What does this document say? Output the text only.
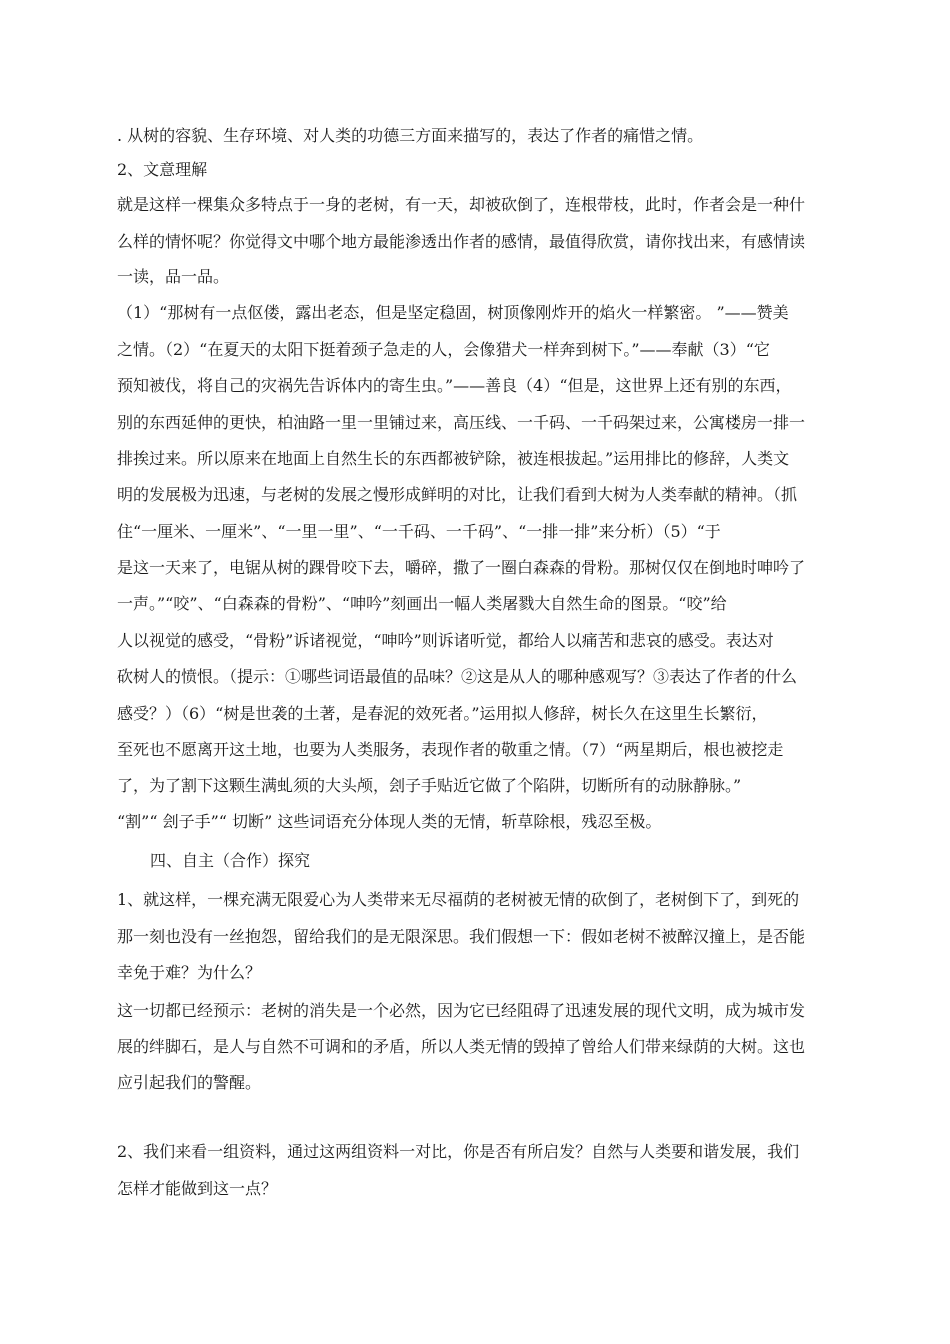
. 从树的容貌、生存环境、对人类的功德三方面来描写的，表达了作者的痛惜之情。
2、文意理解
就是这样一棵集众多特点于一身的老树，有一天，却被砍倒了，连根带枝，此时，作者会是一种什
么样的情怀呢？你觉得文中哪个地方最能渗透出作者的感情，最值得欣赏，请你找出来，有感情读
一读，品一品。
（1）“那树有一点伛偻，露出老态，但是坚定稳固，树顶像刚炸开的焰火一样繁密。 ”——赞美
之情。（2）“在夏天的太阳下挺着颈子急走的人，会像猎犬一样奔到树下。”——奉献（3）“它
预知被伐，将自己的灾祸先告诉体内的寄生虫。”——善良（4）“但是，这世界上还有别的东西，
别的东西延伸的更快，柏油路一里一里铺过来，高压线、一千码、一千码架过来，公寓楼房一排一
排挨过来。所以原来在地面上自然生长的东西都被铲除，被连根拔起。”运用排比的修辞，人类文
明的发展极为迅速，与老树的发展之慢形成鲜明的对比，让我们看到大树为人类奉献的精神。（抓
住“一厘米、一厘米”、“一里一里”、“一千码、一千码”、“一排一排”来分析）（5）“于
是这一天来了，电锯从树的踝骨咬下去，嚼碎，撒了一圈白森森的骨粉。那树仅仅在倒地时呻吟了
一声。”“咬”、“白森森的骨粉”、“呻吟”刻画出一幅人类屠戮大自然生命的图景。“咬”给
人以视觉的感受，“骨粉”诉诸视觉，“呻吟”则诉诸听觉，都给人以痛苦和悲哀的感受。表达对
砍树人的愤恨。（提示：①哪些词语最值的品味？②这是从人的哪种感观写？③表达了作者的什么
感受？）（6）“树是世袭的土著，是春泥的效死者。”运用拟人修辞，树长久在这里生长繁衍，
至死也不愿离开这土地，也要为人类服务，表现作者的敬重之情。（7）“两星期后，根也被挖走
了，为了割下这颗生满虬须的大头颅，刽子手贴近它做了个陷阱，切断所有的动脉静脉。”
“割”“ 刽子手”“ 切断” 这些词语充分体现人类的无情，斩草除根，残忍至极。
四、自主（合作）探究
1、就这样，一棵充满无限爱心为人类带来无尽福荫的老树被无情的砍倒了，老树倒下了，到死的
那一刻也没有一丝抱怨，留给我们的是无限深思。我们假想一下：假如老树不被醉汉撞上，是否能
幸免于难？为什么？
这一切都已经预示：老树的消失是一个必然，因为它已经阻碍了迅速发展的现代文明，成为城市发
展的绊脚石，是人与自然不可调和的矛盾，所以人类无情的毁掉了曾给人们带来绿荫的大树。这也
应引起我们的警醒。
2、我们来看一组资料，通过这两组资料一对比，你是否有所启发？自然与人类要和谐发展，我们
怎样才能做到这一点？
